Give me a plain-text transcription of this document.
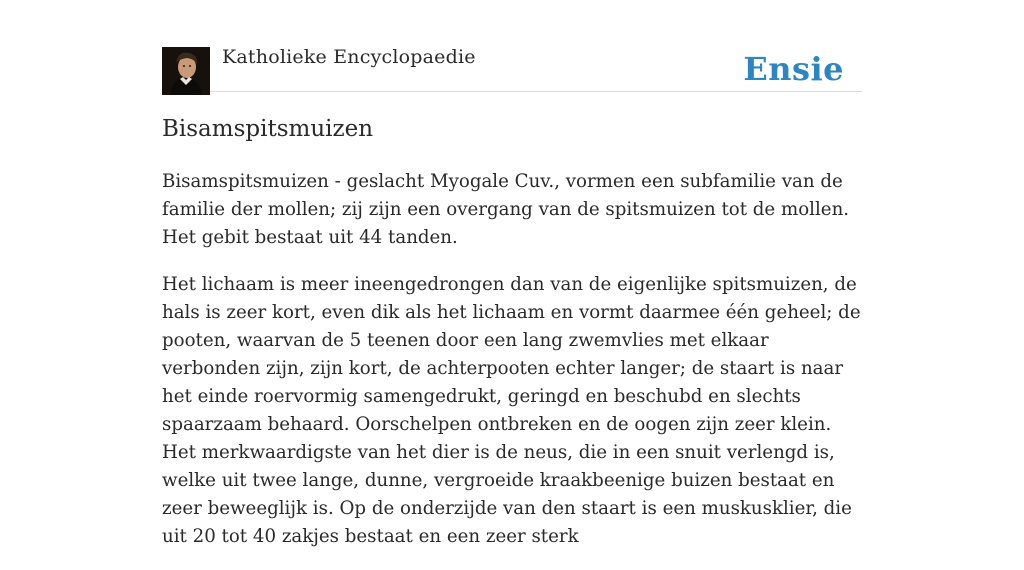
Katholieke Encyclopaedie	Ensie
Bisamspitsmuizen

Bisamspitsmuizen - geslacht Myogale Cuv., vormen een subfamilie van de familie der mollen; zij zijn een overgang van de spitsmuizen tot de mollen. Het gebit bestaat uit 44 tanden.

Het lichaam is meer ineengedrongen dan van de eigenlijke spitsmuizen, de hals is zeer kort, even dik als het lichaam en vormt daarmee één geheel; de pooten, waarvan de 5 teenen door een lang zwemvlies met elkaar verbonden zijn, zijn kort, de achterpooten echter langer; de staart is naar het einde roervormig samengedrukt, geringd en beschubd en slechts spaarzaam behaard. Oorschelpen ontbreken en de oogen zijn zeer klein. Het merkwaardigste van het dier is de neus, die in een snuit verlengd is, welke uit twee lange, dunne, vergroeide kraakbeenige buizen bestaat en zeer beweeglijk is. Op de onderzijde van den staart is een muskusklier, die uit 20 tot 40 zakjes bestaat en een zeer sterk
